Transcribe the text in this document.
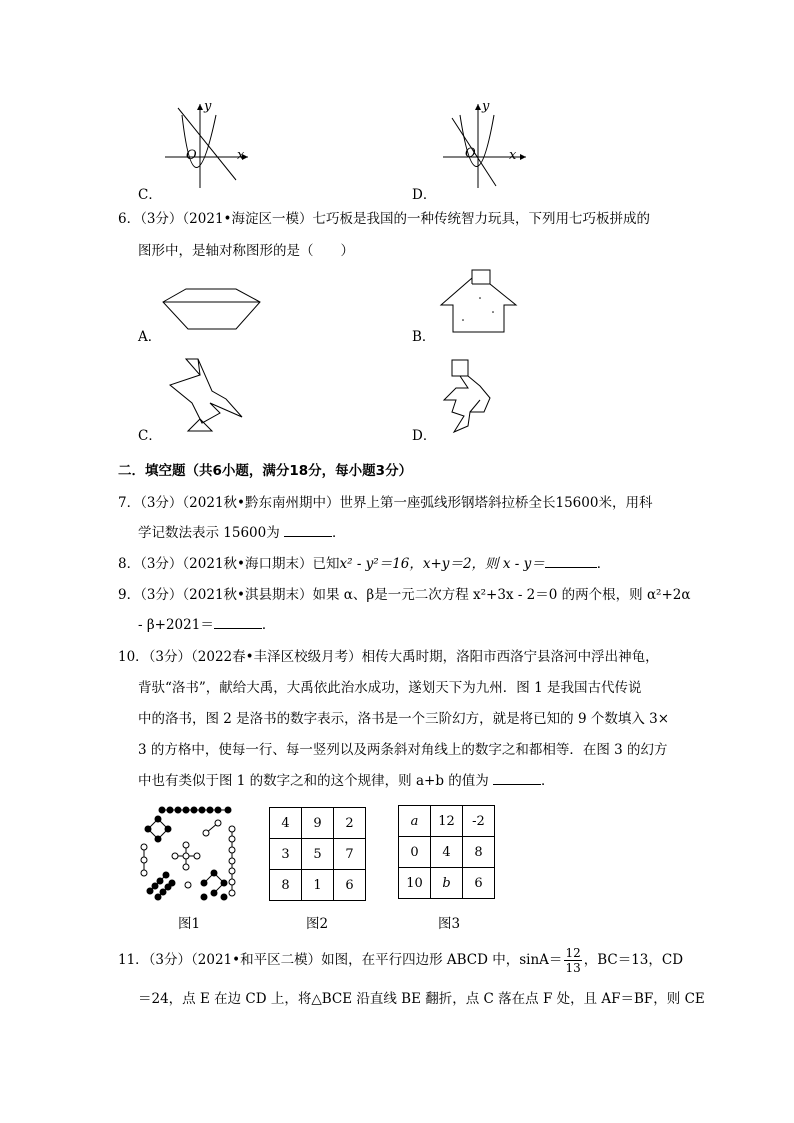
y
x
O
C．
y
x
O
D．
6．（3分）（2021•海淀区一模）七巧板是我国的一种传统智力玩具，下列用七巧板拼成的
图形中，是轴对称图形的是（　　）
A．	B．
C．	D．
二．填空题（共6小题，满分18分，每小题3分）
7．（3分）（2021秋•黔东南州期中）世界上第一座弧线形钢塔斜拉桥全长15600米，用科
学记数法表示 15600为	．
8．（3分）（2021秋•海口期末）已知x² - y²＝16，x+y＝2，则 x - y＝	．
9．（3分）（2021秋•淇县期末）如果 α、β是一元二次方程 x²+3x - 2＝0 的两个根，则 α²+2α
- β+2021＝	．
10．（3分）（2022春•丰泽区校级月考）相传大禹时期，洛阳市西洛宁县洛河中浮出神龟，
背驮“洛书”，献给大禹，大禹依此治水成功，遂划天下为九州．图 1 是我国古代传说
中的洛书，图 2 是洛书的数字表示，洛书是一个三阶幻方，就是将已知的 9 个数填入 3×
3 的方格中，使每一行、每一竖列以及两条斜对角线上的数字之和都相等．在图 3 的幻方
中也有类似于图 1 的数字之和的这个规律，则 a+b 的值为	．
图1
4	9	2
3	5	7
8	1	6
图2
a	12	-2
0	4	8
10	b	6
图3
11．（3分）（2021•和平区二模）如图，在平行四边形 ABCD 中，$\sin A= \frac{12}{13}$ ，BC＝13，CD
＝24，点 E 在边 CD 上，将△BCE 沿直线 BE 翻折，点 C 落在点 F 处，且 AF＝BF，则 CE
